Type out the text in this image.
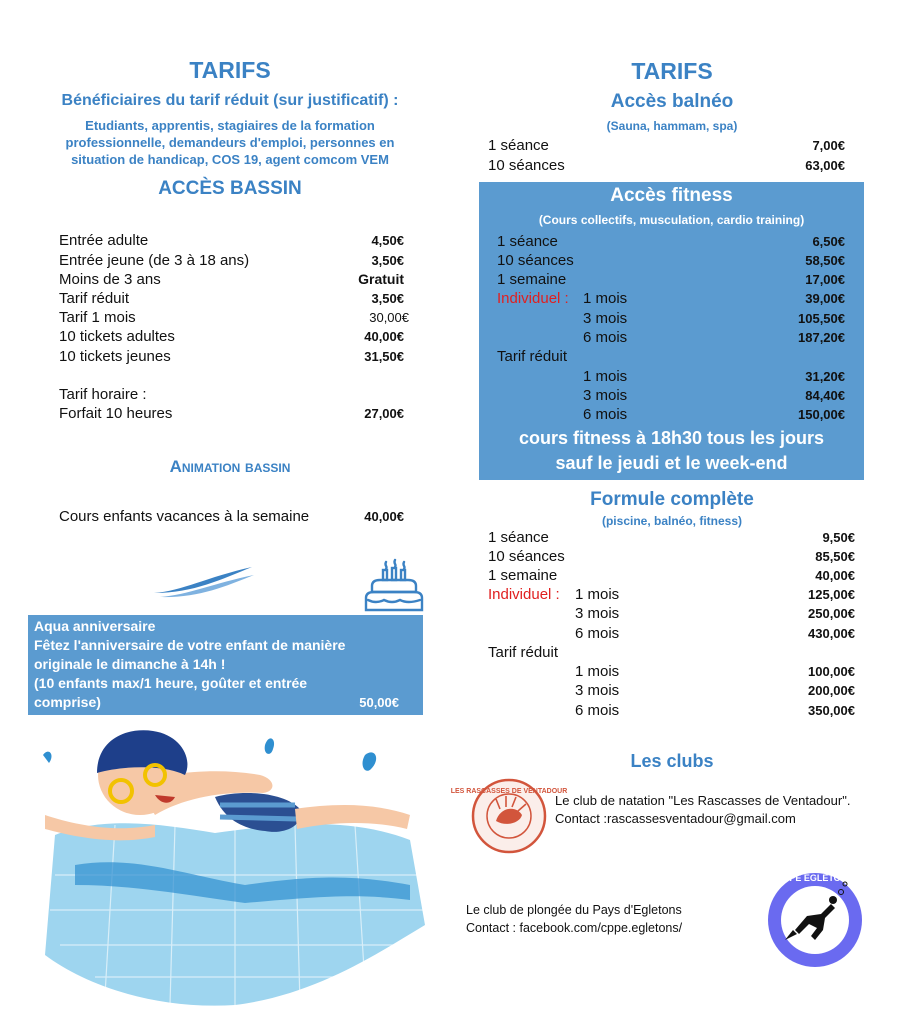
TARIFS
Bénéficiaires du tarif réduit (sur justificatif) :
Etudiants, apprentis, stagiaires de la formation
professionnelle, demandeurs d'emploi, personnes en
situation de handicap, COS 19, agent comcom VEM
ACCÈS BASSIN
Entrée adulte	4,50€
Entrée jeune (de 3 à 18 ans)	3,50€
Moins de 3 ans	Gratuit
Tarif réduit	3,50€
Tarif 1 mois	30,00€
10 tickets adultes	40,00€
10 tickets jeunes	31,50€
Tarif horaire :
Forfait 10 heures	27,00€
Animation bassin
Cours enfants vacances à la semaine	40,00€
Aqua anniversaire
Fêtez l'anniversaire de votre enfant de manière
originale le dimanche à 14h !
(10 enfants max/1 heure, goûter et entrée
comprise)	50,00€
TARIFS
Accès balnéo
(Sauna, hammam, spa)
1 séance	7,00€
10 séances	63,00€
Accès fitness
(Cours collectifs, musculation, cardio training)
1 séance	6,50€
10 séances	58,50€
1 semaine	17,00€
Individuel : 1 mois	39,00€
3 mois	105,50€
6 mois	187,20€
Tarif réduit
1 mois	31,20€
3 mois	84,40€
6 mois	150,00€
cours fitness à 18h30 tous les jours
sauf le jeudi et le week-end
Formule complète
(piscine, balnéo, fitness)
1 séance	9,50€
10 séances	85,50€
1 semaine	40,00€
Individuel : 1 mois	125,00€
3 mois	250,00€
6 mois	430,00€
Tarif réduit
1 mois	100,00€
3 mois	200,00€
6 mois	350,00€
Les clubs
LES RASCASSES DE VENTADOUR
Le club de natation "Les Rascasses de Ventadour".
Contact :rascassesventadour@gmail.com
Le club de plongée du Pays d'Egletons
Contact : facebook.com/cppe.egletons/
CPPE EGLETONS
